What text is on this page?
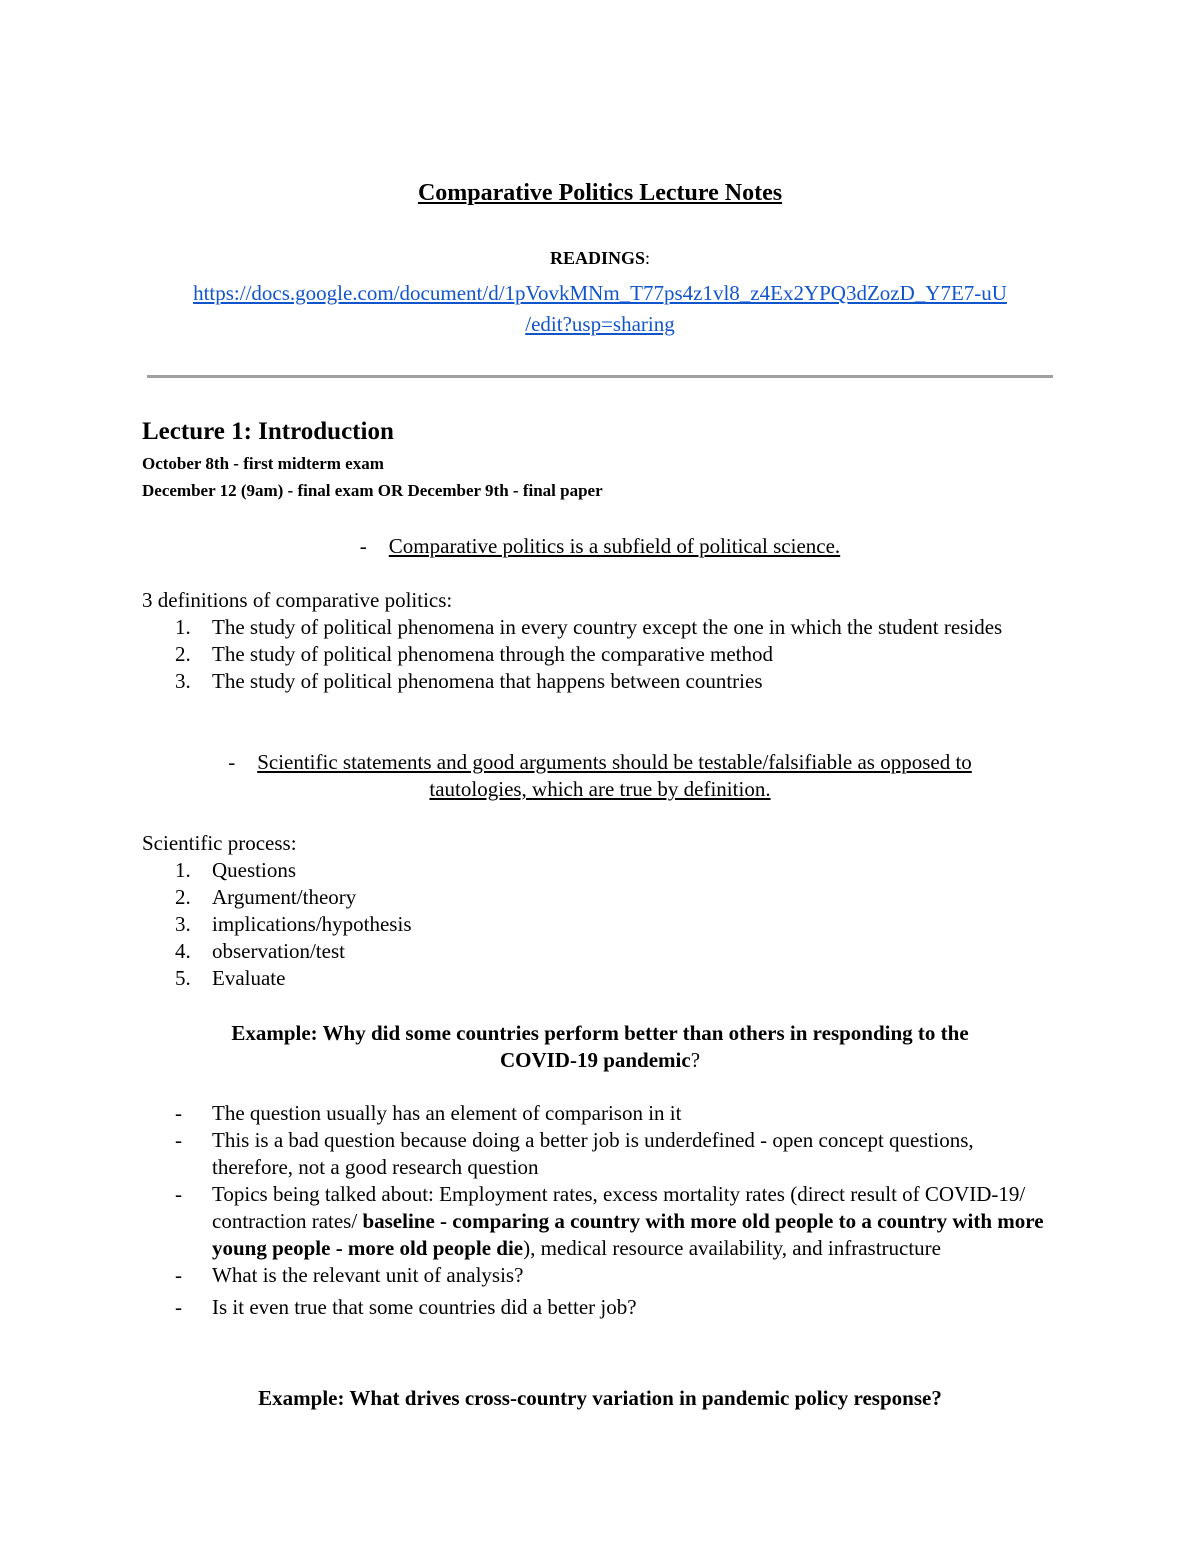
Comparative Politics Lecture Notes
READINGS:
https://docs.google.com/document/d/1pVovkMNm_T77ps4z1vl8_z4Ex2YPQ3dZozD_Y7E7-uU
/edit?usp=sharing
Lecture 1: Introduction
October 8th - first midterm exam
December 12 (9am) - final exam OR December 9th - final paper
- Comparative politics is a subfield of political science.
3 definitions of comparative politics:
1. The study of political phenomena in every country except the one in which the student resides
2. The study of political phenomena through the comparative method
3. The study of political phenomena that happens between countries
- Scientific statements and good arguments should be testable/falsifiable as opposed to
tautologies, which are true by definition.
Scientific process:
1. Questions
2. Argument/theory
3. implications/hypothesis
4. observation/test
5. Evaluate
Example: Why did some countries perform better than others in responding to the
COVID-19 pandemic?
- The question usually has an element of comparison in it
- This is a bad question because doing a better job is underdefined - open concept questions, therefore, not a good research question
- Topics being talked about: Employment rates, excess mortality rates (direct result of COVID-19/ contraction rates/ baseline - comparing a country with more old people to a country with more young people - more old people die), medical resource availability, and infrastructure
- What is the relevant unit of analysis?
- Is it even true that some countries did a better job?
Example: What drives cross-country variation in pandemic policy response?
